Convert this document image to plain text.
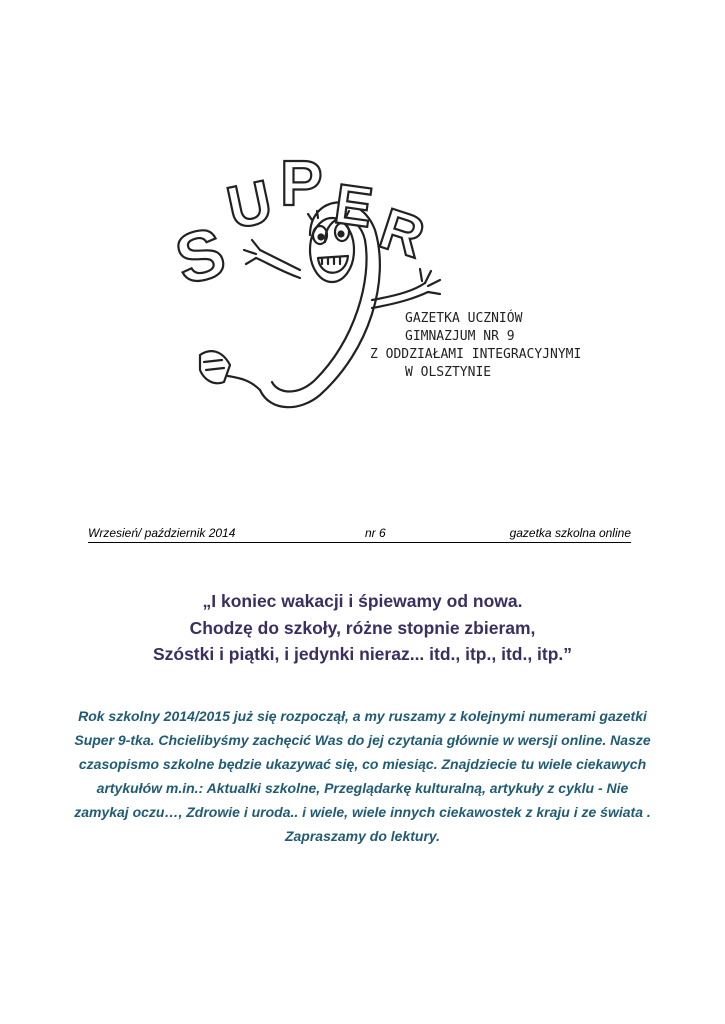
S
U P E
R
GAZETKA UCZNIÓW
GIMNAZJUM NR 9
Z ODDZIAŁAMI INTEGRACYJNYMI
W OLSZTYNIE
Wrzesień/ październik 2014	nr 6	gazetka szkolna online
„I koniec wakacji i śpiewamy od nowa.
Chodzę do szkoły, różne stopnie zbieram,
Szóstki i piątki, i jedynki nieraz... itd., itp., itd., itp.”
Rok szkolny 2014/2015 już się rozpoczął, a my ruszamy z kolejnymi numerami gazetki Super 9-tka. Chcielibyśmy zachęcić Was do jej czytania głównie w wersji online. Nasze czasopismo szkolne będzie ukazywać się, co miesiąc. Znajdziecie tu wiele ciekawych artykułów m.in.: Aktualki szkolne, Przeglądarkę kulturalną, artykuły z cyklu - Nie zamykaj oczu…, Zdrowie i uroda.. i wiele, wiele innych ciekawostek z kraju i ze świata . Zapraszamy do lektury.
